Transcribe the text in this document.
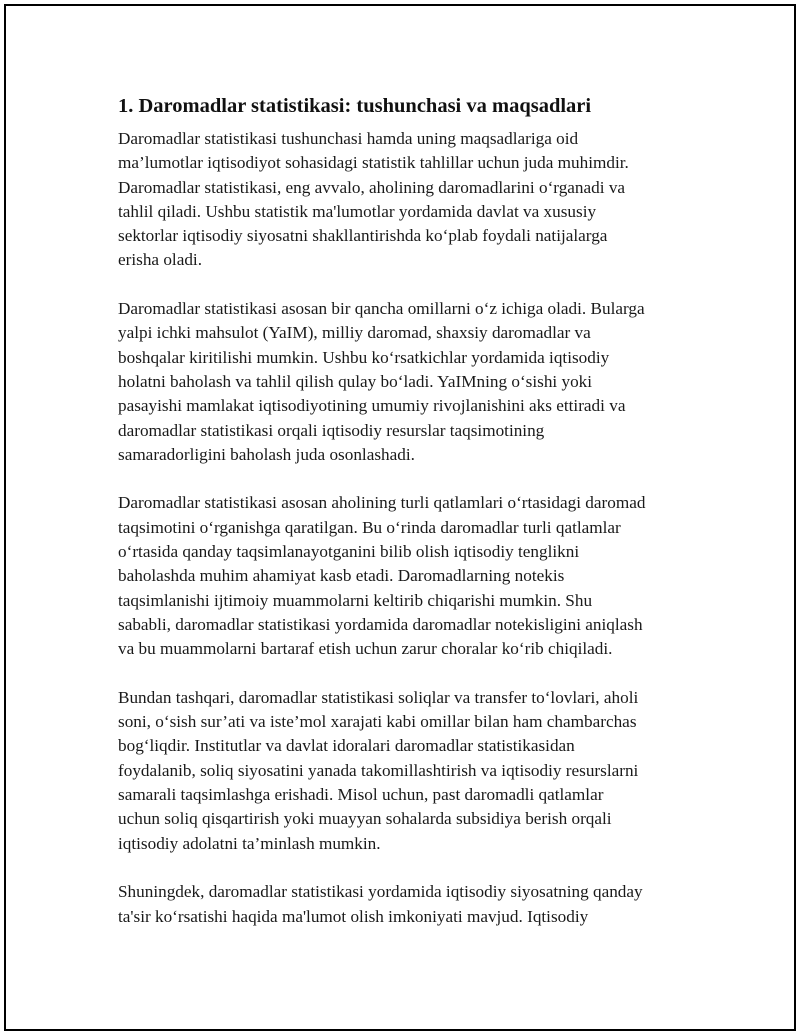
1. Daromadlar statistikasi: tushunchasi va maqsadlari

Daromadlar statistikasi tushunchasi hamda uning maqsadlariga oid
ma’lumotlar iqtisodiyot sohasidagi statistik tahlillar uchun juda muhimdir.
Daromadlar statistikasi, eng avvalo, aholining daromadlarini o‘rganadi va
tahlil qiladi. Ushbu statistik ma'lumotlar yordamida davlat va xususiy
sektorlar iqtisodiy siyosatni shakllantirishda ko‘plab foydali natijalarga
erisha oladi.

Daromadlar statistikasi asosan bir qancha omillarni o‘z ichiga oladi. Bularga
yalpi ichki mahsulot (YaIM), milliy daromad, shaxsiy daromadlar va
boshqalar kiritilishi mumkin. Ushbu ko‘rsatkichlar yordamida iqtisodiy
holatni baholash va tahlil qilish qulay bo‘ladi. YaIMning o‘sishi yoki
pasayishi mamlakat iqtisodiyotining umumiy rivojlanishini aks ettiradi va
daromadlar statistikasi orqali iqtisodiy resurslar taqsimotining
samaradorligini baholash juda osonlashadi.

Daromadlar statistikasi asosan aholining turli qatlamlari o‘rtasidagi daromad
taqsimotini o‘rganishga qaratilgan. Bu o‘rinda daromadlar turli qatlamlar
o‘rtasida qanday taqsimlanayotganini bilib olish iqtisodiy tenglikni
baholashda muhim ahamiyat kasb etadi. Daromadlarning notekis
taqsimlanishi ijtimoiy muammolarni keltirib chiqarishi mumkin. Shu
sababli, daromadlar statistikasi yordamida daromadlar notekisligini aniqlash
va bu muammolarni bartaraf etish uchun zarur choralar ko‘rib chiqiladi.

Bundan tashqari, daromadlar statistikasi soliqlar va transfer to‘lovlari, aholi
soni, o‘sish sur’ati va iste’mol xarajati kabi omillar bilan ham chambarchas
bog‘liqdir. Institutlar va davlat idoralari daromadlar statistikasidan
foydalanib, soliq siyosatini yanada takomillashtirish va iqtisodiy resurslarni
samarali taqsimlashga erishadi. Misol uchun, past daromadli qatlamlar
uchun soliq qisqartirish yoki muayyan sohalarda subsidiya berish orqali
iqtisodiy adolatni ta’minlash mumkin.

Shuningdek, daromadlar statistikasi yordamida iqtisodiy siyosatning qanday
ta'sir ko‘rsatishi haqida ma'lumot olish imkoniyati mavjud. Iqtisodiy
